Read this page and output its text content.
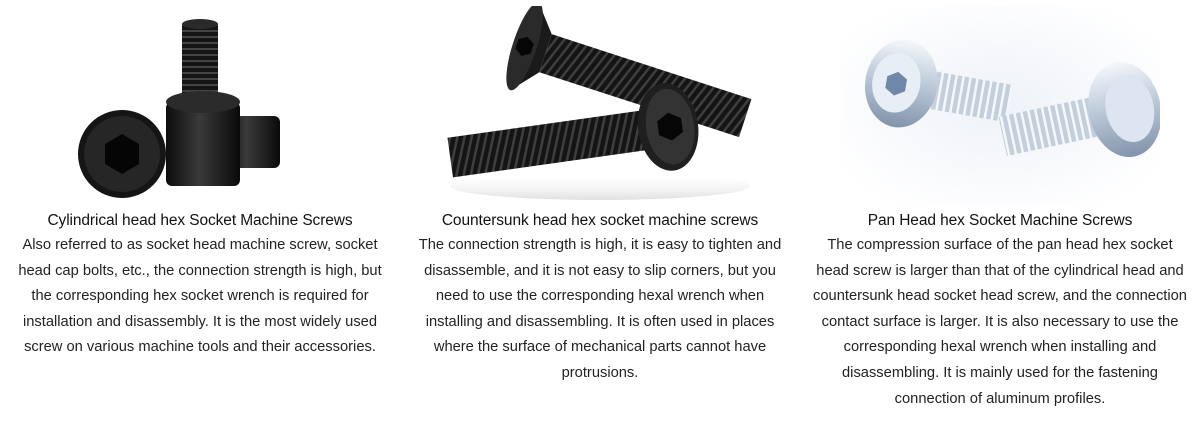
Cylindrical head hex Socket Machine Screws

Also referred to as socket head machine screw, socket head cap bolts, etc., the connection strength is high, but the corresponding hex socket wrench is required for installation and disassembly. It is the most widely used screw on various machine tools and their accessories.

Countersunk head hex socket machine screws

The connection strength is high, it is easy to tighten and disassemble, and it is not easy to slip corners, but you need to use the corresponding hexal wrench when installing and disassembling. It is often used in places where the surface of mechanical parts cannot have protrusions.

Pan Head hex Socket Machine Screws

The compression surface of the pan head hex socket head screw is larger than that of the cylindrical head and countersunk head socket head screw, and the connection contact surface is larger. It is also necessary to use the corresponding hexal wrench when installing and disassembling. It is mainly used for the fastening connection of aluminum profiles.
